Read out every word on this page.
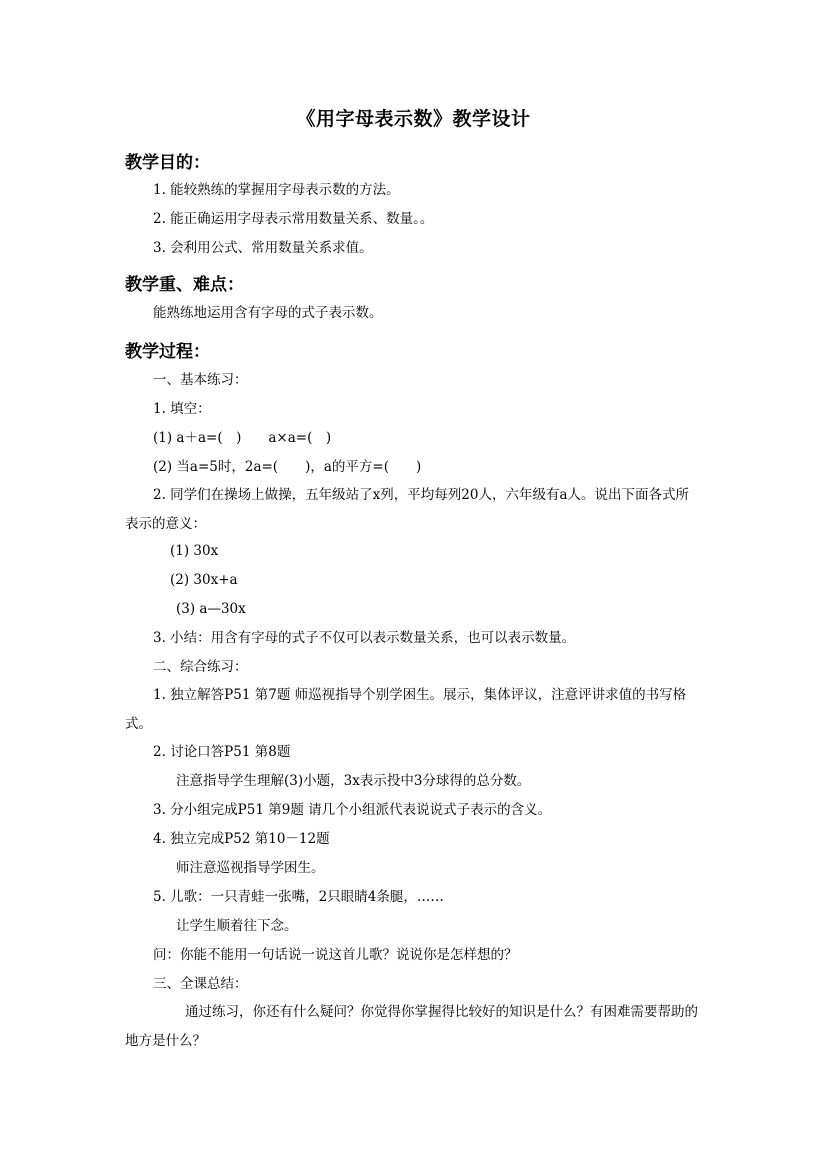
《用字母表示数》教学设计
教学目的：
1. 能较熟练的掌握用字母表示数的方法。
2. 能正确运用字母表示常用数量关系、数量。。
3. 会利用公式、常用数量关系求值。
教学重、难点：
能熟练地运用含有字母的式子表示数。
教学过程：
一、基本练习：
1. 填空：
(1) a＋a=(　)　　a×a=(　)
(2) 当a=5时，2a=(　　)，a的平方=(　　)
2. 同学们在操场上做操，五年级站了x列，平均每列20人，六年级有a人。说出下面各式所表示的意义：
(1) 30x
(2) 30x+a
(3) a—30x
3. 小结：用含有字母的式子不仅可以表示数量关系，也可以表示数量。
二、综合练习：
1. 独立解答P51 第7题 师巡视指导个别学困生。展示，集体评议，注意评讲求值的书写格式。
2. 讨论口答P51 第8题
注意指导学生理解(3)小题，3x表示投中3分球得的总分数。
3. 分小组完成P51 第9题 请几个小组派代表说说式子表示的含义。
4. 独立完成P52 第10－12题
师注意巡视指导学困生。
5. 儿歌：一只青蛙一张嘴，2只眼睛4条腿，……
让学生顺着往下念。
问：你能不能用一句话说一说这首儿歌？说说你是怎样想的？
三、全课总结：
通过练习，你还有什么疑问？你觉得你掌握得比较好的知识是什么？有困难需要帮助的地方是什么？
